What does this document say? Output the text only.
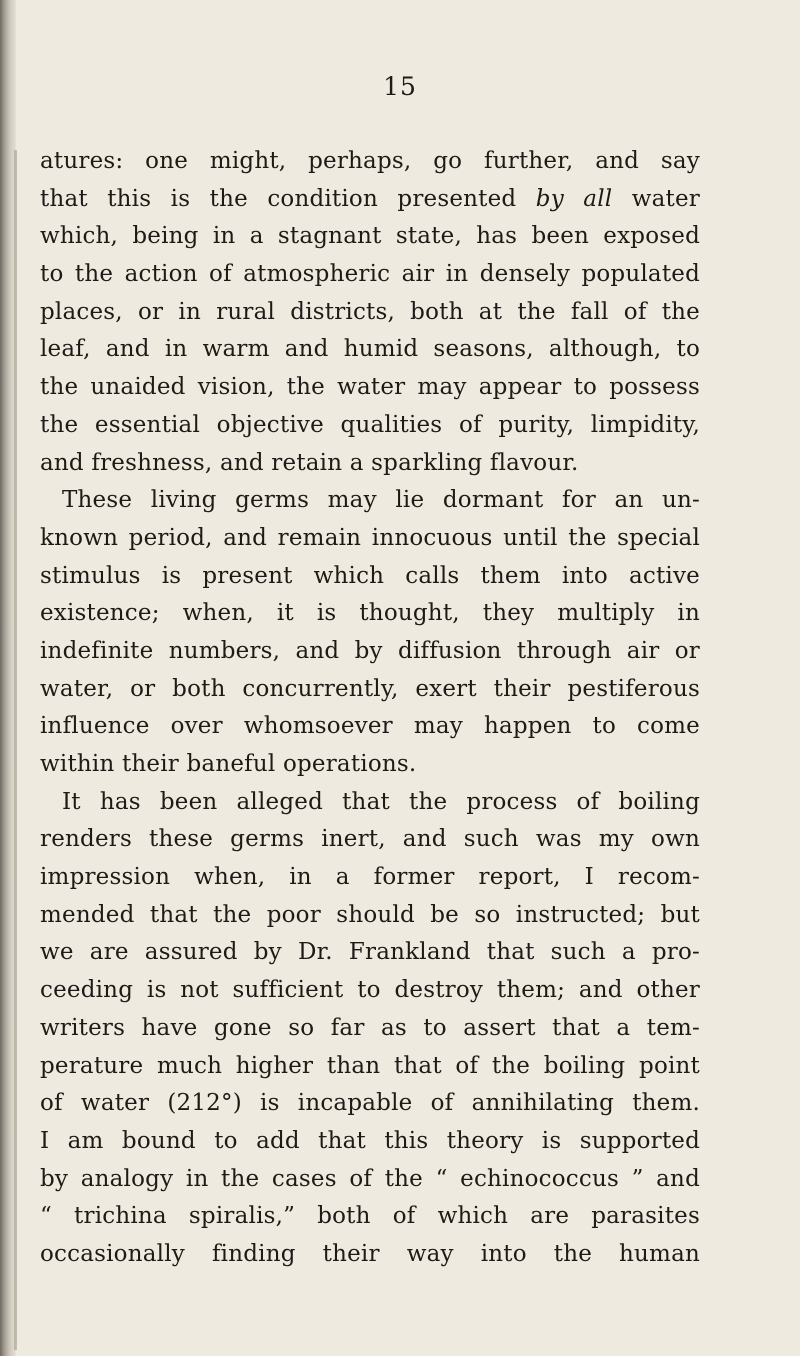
15
atures: one might, perhaps, go further, and say
that this is the condition presented by all water
which, being in a stagnant state, has been exposed
to the action of atmospheric air in densely populated
places, or in rural districts, both at the fall of the
leaf, and in warm and humid seasons, although, to
the unaided vision, the water may appear to possess
the essential objective qualities of purity, limpidity,
and freshness, and retain a sparkling flavour.
These living germs may lie dormant for an un-
known period, and remain innocuous until the special
stimulus is present which calls them into active
existence; when, it is thought, they multiply in
indefinite numbers, and by diffusion through air or
water, or both concurrently, exert their pestiferous
influence over whomsoever may happen to come
within their baneful operations.
It has been alleged that the process of boiling
renders these germs inert, and such was my own
impression when, in a former report, I recom-
mended that the poor should be so instructed; but
we are assured by Dr. Frankland that such a pro-
ceeding is not sufficient to destroy them; and other
writers have gone so far as to assert that a tem-
perature much higher than that of the boiling point
of water (212°) is incapable of annihilating them.
I am bound to add that this theory is supported
by analogy in the cases of the “ echinococcus ” and
“ trichina spiralis,” both of which are parasites
occasionally finding their way into the human
